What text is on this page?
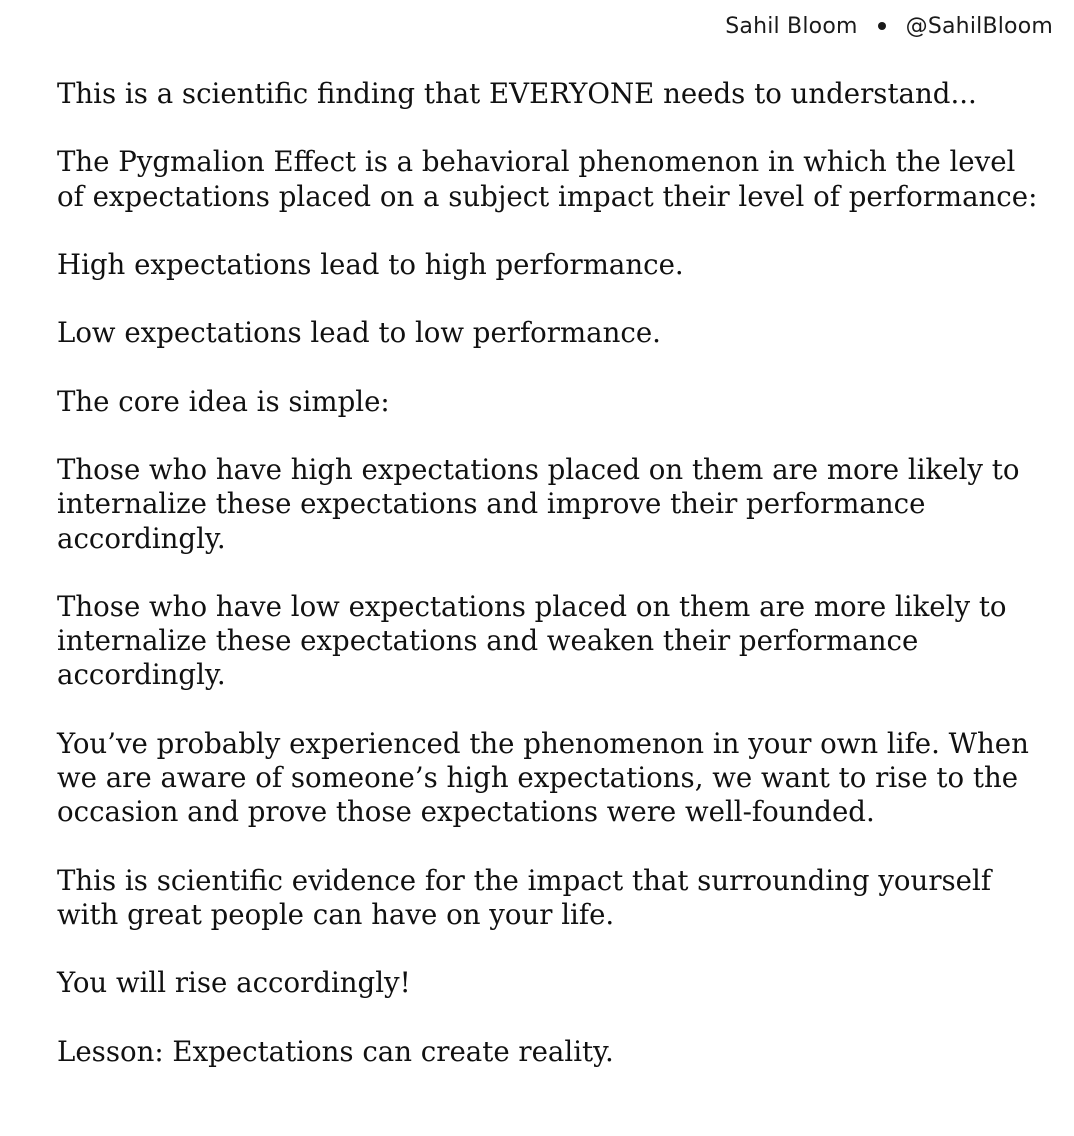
Sahil Bloom @SahilBloom

This is a scientific finding that EVERYONE needs to understand...

The Pygmalion Effect is a behavioral phenomenon in which the level of expectations placed on a subject impact their level of performance:

High expectations lead to high performance.

Low expectations lead to low performance.

The core idea is simple:

Those who have high expectations placed on them are more likely to internalize these expectations and improve their performance accordingly.

Those who have low expectations placed on them are more likely to internalize these expectations and weaken their performance accordingly.

You’ve probably experienced the phenomenon in your own life. When we are aware of someone’s high expectations, we want to rise to the occasion and prove those expectations were well-founded.

This is scientific evidence for the impact that surrounding yourself with great people can have on your life.

You will rise accordingly!

Lesson: Expectations can create reality.
